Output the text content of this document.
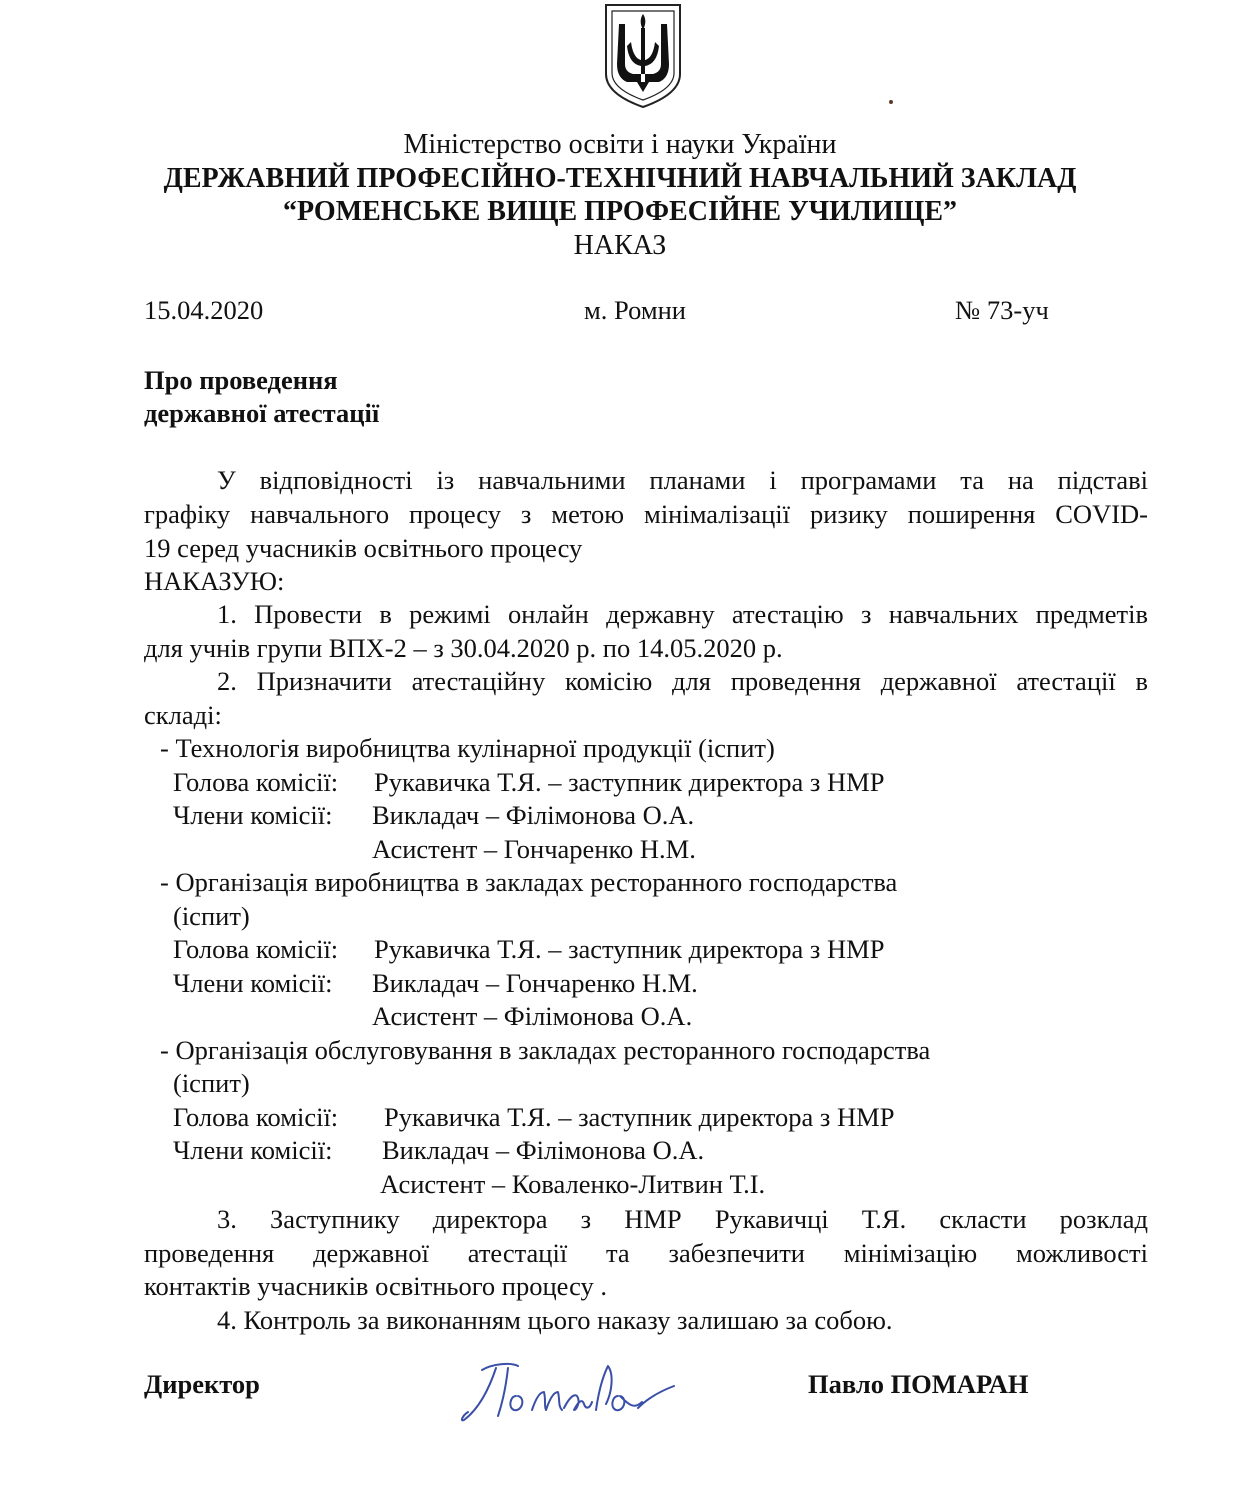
Міністерство освіти і науки України
ДЕРЖАВНИЙ ПРОФЕСІЙНО-ТЕХНІЧНИЙ НАВЧАЛЬНИЙ ЗАКЛАД
“РОМЕНСЬКЕ ВИЩЕ ПРОФЕСІЙНЕ УЧИЛИЩЕ”
НАКАЗ
15.04.2020	м. Ромни	№ 73-уч
Про проведення
державної атестації
У відповідності із навчальними планами і програмами та на підставі
графіку навчального процесу з метою мінімалізації ризику поширення COVID-
19 серед учасників освітнього процесу
НАКАЗУЮ:
1. Провести в режимі онлайн державну атестацію з навчальних предметів
для учнів групи ВПХ-2 – з 30.04.2020 р. по 14.05.2020 р.
2. Призначити атестаційну комісію для проведення державної атестації в
складі:
- Технологія виробництва кулінарної продукції (іспит)
Голова комісії: Рукавичка Т.Я. – заступник директора з НМР
Члени комісії: Викладач – Філімонова О.А.
Асистент – Гончаренко Н.М.
- Організація виробництва в закладах ресторанного господарства
(іспит)
Голова комісії: Рукавичка Т.Я. – заступник директора з НМР
Члени комісії: Викладач – Гончаренко Н.М.
Асистент – Філімонова О.А.
- Організація обслуговування в закладах ресторанного господарства
(іспит)
Голова комісії: Рукавичка Т.Я. – заступник директора з НМР
Члени комісії: Викладач – Філімонова О.А.
Асистент – Коваленко-Литвин Т.І.
3. Заступнику директора з НМР Рукавичці Т.Я. скласти розклад
проведення державної атестації та забезпечити мінімізацію можливості
контактів учасників освітнього процесу .
4. Контроль за виконанням цього наказу залишаю за собою.
Директор	Павло ПОМАРАН
